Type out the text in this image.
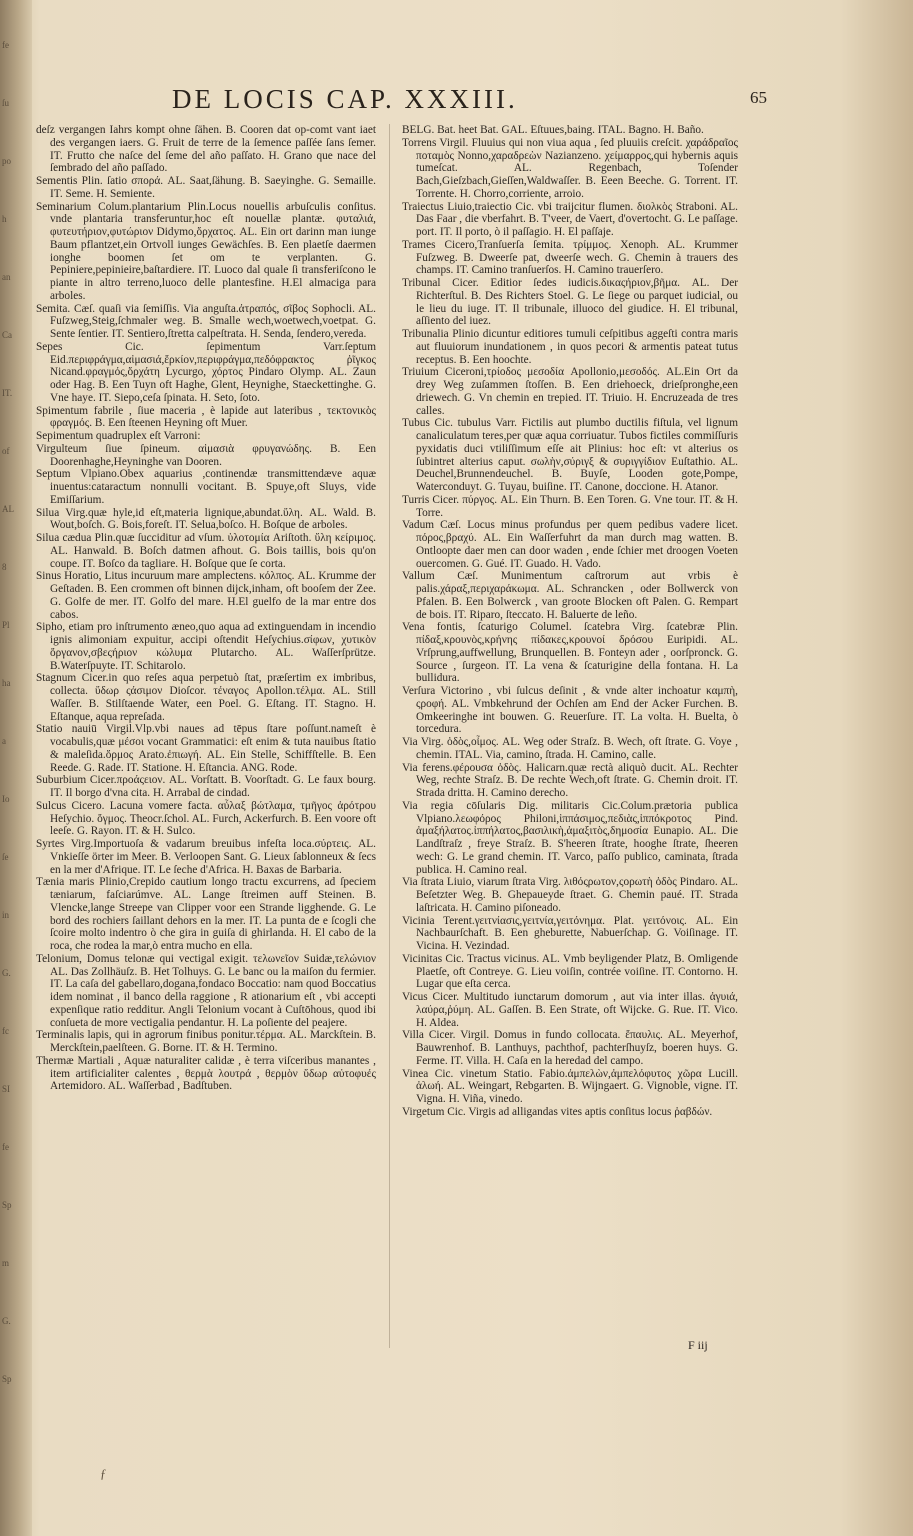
fe
ſu
po
h
an
Ca
IT.
of
AL
8
Pl
ha
a
Io
ſe
in
G.
fc
SI
fe
Sp
m
G.
Sp
DE LOCIS CAP. XXXIII.	65

deſz vergangen Iahrs kompt ohne ſähen. B. Cooren dat op-comt vant iaet des vergangen iaers. G. Fruit de terre de la ſemence paſſée ſans ſemer. IT. Frutto che naſce del ſeme del año paſſato. H. Grano que nace del ſembrado del año paſſado.

Sementis Plin. ſatio σπορά. AL. Saat,ſähung. B. Saeyinghe. G. Semaille. IT. Seme. H. Semiente.

Seminarium Colum.plantarium Plin.Locus nouellis arbuſculis conſitus. vnde plantaria transferuntur,hoc eſt nouellæ plantæ. φυταλιά, φυτευτήριον,φυτώριον Didymo,ὄρχατος. AL. Ein ort darinn man iunge Baum pflantzet,ein Ortvoll iunges Gewächſes. B. Een plaetſe daermen ionghe boomen ſet om te verplanten. G. Pepiniere,pepinieire,baſtardiere. IT. Luoco dal quale ſi transferiſcono le piante in altro terreno,luoco delle plantesfine. H.El almaciga para arboles.

Semita. Cæſ. quaſi via ſemiſſis. Via anguſta.ἀτραπός, σῖβος Sophocli. AL. Fuſzweg,Steig,ſchmaler weg. B. Smalle wech,woetwech,voetpat. G. Sente ſentier. IT. Sentiero,ſtretta calpeſtrata. H. Senda, ſendero,vereda.

Sepes Cic. ſepimentum Varr.ſeptum Eid.περιφράγμα,αἱμασιά,ἕρκίον,περιφράγμα,πεδόφρακτος ῥῖγκος Nicand.φραγμός,ὄρχάτη Lycurgo, χόρτος Pindaro Olymp. AL. Zaun oder Hag. B. Een Tuyn oft Haghe, Glent, Heynighe, Staeckettinghe. G. Vne haye. IT. Siepo,ceſa ſpinata. H. Seto, ſoto.

Spimentum fabrile , ſiue maceria , è lapide aut lateribus , τεκτονικὸς φραγμός. B. Een ſteenen Heyning oft Muer.

Sepimentum quadruplex eſt Varroni:

Virgulteum ſiue ſpineum. αἱμασιὰ φρυγανώδης. B. Een Doorenhaghe,Heyninghe van Dooren.

Septum Vlpiano.Obex aquarius ,continendæ transmittendæve aquæ inuentus:cataractum nonnulli vocitant. B. Spuye,oft Sluys, vide Emiſſarium.

Silua Virg.quæ hyle,id eſt,materia lignique,abundat.ὕλη. AL. Wald. B. Wout,boſch. G. Bois,foreſt. IT. Selua,boſco. H. Boſque de arboles.

Silua cædua Plin.quæ ſucciditur ad vſum. ὑλοτομία Ariſtoth. ὕλη κείριμος. AL. Hanwald. B. Boſch datmen afhout. G. Bois taillis, bois qu'on coupe. IT. Boſco da tagliare. H. Boſque que ſe corta.

Sinus Horatio, Litus incuruum mare amplectens. κόλπος. AL. Krumme der Geſtaden. B. Een crommen oft binnen dijck,inham, oft booſem der Zee. G. Golfe de mer. IT. Golfo del mare. H.El guelfo de la mar entre dos cabos.

Sipho, etiam pro inſtrumento æneo,quo aqua ad extinguendam in incendio ignis alimoniam expuitur, accipi oſtendit Heſychius.σίφων, χυτικὸν ὄργανον,σβεςήριον κώλυμα Plutarcho. AL. Waſſerſprütze. B.Waterſpuyte. IT. Schitarolo.

Stagnum Cicer.in quo reſes aqua perpetuò ſtat, præſertim ex imbribus, collecta. ὕδωρ ςάσιμον Dioſcor. τέναγος Apollon.τέλμα. AL. Still Waſſer. B. Stilſtaende Water, een Poel. G. Eſtang. IT. Stagno. H. Eſtanque, aqua repreſada.

Statio nauiū Virgil.Vlp.vbi naues ad tēpus ſtare poſſunt.nameſt è vocabulis,quæ μέσοι vocant Grammatici: eſt enim & tuta nauibus ſtatio & maleſida.ὅρμος Arato.ἐπιωγή. AL. Ein Stelle, Schiffſtelle. B. Een Reede. G. Rade. IT. Statione. H. Eſtancia. ANG. Rode.

Suburbium Cicer.προάςειον. AL. Vorſtatt. B. Voorſtadt. G. Le faux bourg. IT. Il borgo d'vna cita. H. Arrabal de cindad.

Sulcus Cicero. Lacuna vomere facta. αὖλαξ βώτλαμα, τμῆγος ἀρότρου Heſychio. ὄγμος. Theocr.ſchol. AL. Furch, Ackerfurch. B. Een voore oft leeſe. G. Rayon. IT. & H. Sulco.

Syrtes Virg.Importuoſa & vadarum breuibus infeſta loca.σύρτεις. AL. Vnkieſſe örter im Meer. B. Verloopen Sant. G. Lieux ſablonneux & ſecs en la mer d'Afrique. IT. Le ſeche d'Africa. H. Baxas de Barbaria.

Tænia maris Plinio,Crepido cautium longo tractu excurrens, ad ſpeciem tæniarum, faſciarúmve. AL. Lange ſtreimen auff Steinen. B. Vlencke,lange Streepe van Clipper voor een Strande ligghende. G. Le bord des rochiers ſaillant dehors en la mer. IT. La punta de e ſcogli che ſcoire molto indentro ò che gira in guiſa di ghirlanda. H. El cabo de la roca, che rodea la mar,ò entra mucho en ella.

Telonium, Domus telonæ qui vectigal exigit. τελωνεῖον Suidæ,τελώνιον AL. Das Zollhäuſz. B. Het Tolhuys. G. Le banc ou la maiſon du fermier. IT. La caſa del gabellaro,dogana,fondaco Boccatio: nam quod Boccatius idem nominat , il banco della raggione , R ationarium eſt , vbi accepti expenſique ratio redditur. Angli Telonium vocant à Cuſtōhous, quod ibi conſueta de more vectigalia pendantur. H. La poſiente del peajere.

Terminalis lapis, qui in agrorum finibus ponitur.τέρμα. AL. Marckſtein. B. Merckſtein,paelſteen. G. Borne. IT. & H. Termino.

Thermæ Martiali , Aquæ naturaliter calidæ , è terra viſceribus manantes , item artificialiter calentes , θερμὰ λουτρά , θερμὸν ὕδωρ αὐτοφυές Artemidoro. AL. Waſſerbad , Badſtuben.

BELG. Bat. heet Bat. GAL. Eſtuues,baing. ITAL. Bagno. H. Baño.

Torrens Virgil. Fluuius qui non viua aqua , ſed pluuiis creſcit. χαράδραῖος ποταμὸς Nonno,χαραδρεὼν Nazianzeno. χείμαρρος,qui hybernis aquis tumeſcat. AL. Regenbach, Toſender Bach,Gieſzbach,Gieſſen,Waldwaſſer. B. Eeen Beeche. G. Torrent. IT. Torrente. H. Chorro,corriente, arroio.

Traiectus Liuio,traiectio Cic. vbi traijcitur flumen. διολκὸς Straboni. AL. Das Faar , die vberfahrt. B. T'veer, de Vaert, d'overtocht. G. Le paſſage. port. IT. Il porto, ò il paſſagio. H. El paſſaje.

Trames Cicero,Tranſuerſa ſemita. τρίμμος. Xenoph. AL. Krummer Fuſzweg. B. Dweerſe pat, dweerſe wech. G. Chemin à trauers des champs. IT. Camino tranſuerſos. H. Camino trauerſero.

Tribunal Cicer. Editior ſedes iudicis.δικαςήριον,βῆμα. AL. Der Richterſtul. B. Des Richters Stoel. G. Le ſiege ou parquet iudicial, ou le lieu du iuge. IT. Il tribunale, illuoco del giudice. H. El tribunal, aſſiento del iuez.

Tribunalia Plinio dicuntur editiores tumuli ceſpitibus aggeſti contra maris aut fluuiorum inundationem , in quos pecori & armentis pateat tutus receptus. B. Een hoochte.

Triuium Ciceroni,τρίοδος μεσοδία Apollonio,μεσοδός. AL.Ein Ort da drey Weg zuſammen ſtoſſen. B. Een driehoeck, drieſpronghe,een driewech. G. Vn chemin en trepied. IT. Triuio. H. Encruzeada de tres calles.

Tubus Cic. tubulus Varr. Fictilis aut plumbo ductilis fiſtula, vel lignum canaliculatum teres,per quæ aqua corriuatur. Tubos fictiles commiſſuris pyxidatis duci vtiliſſimum eſſe ait Plinius: hoc eſt: vt alterius os ſubintret alterius caput. σωλὴν,σύριγξ & συριγγίδιον Euſtathio. AL. Deuchel,Brunnendeuchel. B. Buyſe, Looden gote,Pompe, Waterconduyt. G. Tuyau, buiſine. IT. Canone, doccione. H. Atanor.

Turris Cicer. πύργος. AL. Ein Thurn. B. Een Toren. G. Vne tour. IT. & H. Torre.

Vadum Cæſ. Locus minus profundus per quem pedibus vadere licet. πόρος,βραχύ. AL. Ein Waſſerfuhrt da man durch mag watten. B. Ontloopte daer men can door waden , ende ſchier met droogen Voeten ouercomen. G. Gué. IT. Guado. H. Vado.

Vallum Cæſ. Munimentum caſtrorum aut vrbis è palis.χάραξ,περιχαράκωμα. AL. Schrancken , oder Bollwerck von Pfalen. B. Een Bolwerck , van groote Blocken oft Palen. G. Rempart de bois. IT. Riparo, ſteccato. H. Baluerte de leño.

Vena fontis, ſcaturigo Columel. ſcatebra Virg. ſcatebræ Plin. πίδαξ,κρουνὸς,κρήνης πίδακες,κρουνοί δρόσου Euripidi. AL. Vrſprung,auffwellung, Brunquellen. B. Fonteyn ader , oorſpronck. G. Source , ſurgeon. IT. La vena & ſcaturigine della fontana. H. La bullidura.

Verſura Victorino , vbi ſulcus deſinit , & vnde alter inchoatur καμπὴ, ςροφή. AL. Vmbkehrund der Ochſen am End der Acker Furchen. B. Omkeeringhe int bouwen. G. Reuerſure. IT. La volta. H. Buelta, ò torcedura.

Via Virg. ὁδὸς,οἶμος. AL. Weg oder Straſz. B. Wech, oft ſtrate. G. Voye , chemin. ITAL. Via, camino, ſtrada. H. Camino, calle.

Via ferens.φέρουσα ὁδὸς. Halicarn.quæ rectà aliquò ducit. AL. Rechter Weg, rechte Straſz. B. De rechte Wech,oft ſtrate. G. Chemin droit. IT. Strada dritta. H. Camino derecho.

Via regia cōſularis Dig. militaris Cic.Colum.prætoria publica Vlpiano.λεωφόρος Philoni,ἱππάσιμος,πεδιὰς,ἱππόκροτος Pind. ἁμαξήλατος.ἱππήλατος,βασιλικὴ,ἁμαξιτὸς,δημοσία Eunapio. AL. Die Landſtraſz , freye Straſz. B. S'heeren ſtrate, hooghe ſtrate, ſheeren wech: G. Le grand chemin. IT. Varco, paſſo publico, caminata, ſtrada publica. H. Camino real.

Via ſtrata Liuio, viarum ſtrata Virg. λιθόςρωτον,ςορωτὴ ὁδὸς Pindaro. AL. Beſetzter Weg. B. Ghepaueyde ſtraet. G. Chemin paué. IT. Strada laſtricata. H. Camino piſoneado.

Vicinia Terent.γειτνίασις,γειτνία,γειτόνημα. Plat. γειτόνοις. AL. Ein Nachbaurſchaft. B. Een gheburette, Nabuerſchap. G. Voiſinage. IT. Vicina. H. Vezindad.

Vicinitas Cic. Tractus vicinus. AL. Vmb beyligender Platz, B. Omligende Plaetſe, oft Contreye. G. Lieu voiſin, contrée voiſine. IT. Contorno. H. Lugar que eſta cerca.

Vicus Cicer. Multitudo iunctarum domorum , aut via inter illas. ἀγυιά, λαύρα,ῥύμη. AL. Gaſſen. B. Een Strate, oft Wijcke. G. Rue. IT. Vico. H. Aldea.

Villa Cicer. Virgil. Domus in fundo collocata. ἔπαυλις. AL. Meyerhof, Bauwrenhof. B. Lanthuys, pachthof, pachterſhuyſz, boeren huys. G. Ferme. IT. Villa. H. Caſa en la heredad del campo.

Vinea Cic. vinetum Statio. Fabio.ἀμπελὼν,ἀμπελόφυτος χῶρα Lucill. ἀλωή. AL. Weingart, Rebgarten. B. Wijngaert. G. Vignoble, vigne. IT. Vigna. H. Viña, vinedo.

Virgetum Cic. Virgis ad alligandas vites aptis conſitus locus ῥαβδών.

F iij
ƒ
